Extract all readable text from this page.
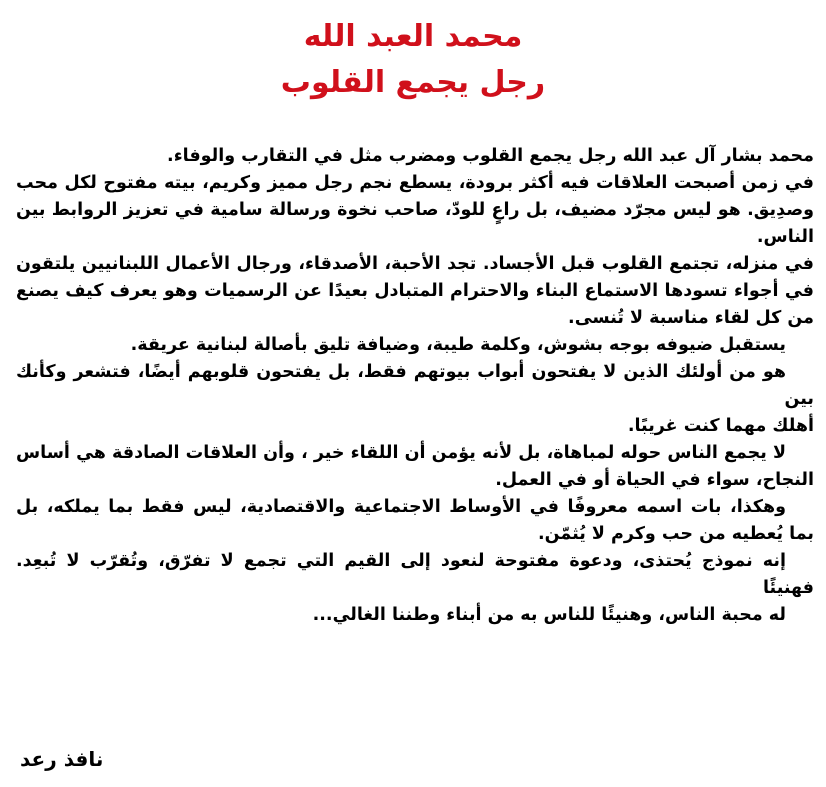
محمد العبد الله
رجل يجمع القلوب

محمد بشار آل عبد الله رجل يجمع القلوب ومضرب مثل في التقارب والوفاء.

في زمن أصبحت العلاقات فيه أكثر برودة، يسطع نجم رجل مميز وكريم، بيته مفتوح لكل محب وصدِيق. هو ليس مجرّد مضيف، بل راعٍ للودّ، صاحب نخوة ورسالة سامية في تعزيز الروابط بين الناس.

في منزله، تجتمع القلوب قبل الأجساد. تجد الأحبة، الأصدقاء، ورجال الأعمال اللبنانيين يلتقون في أجواء تسودها الاستماع البناء والاحترام المتبادل بعيدًا عن الرسميات وهو يعرف كيف يصنع من كل لقاء مناسبة لا تُنسى.

يستقبل ضيوفه بوجه بشوش، وكلمة طيبة، وضيافة تليق بأصالة لبنانية عريقة.

هو من أولئك الذين لا يفتحون أبواب بيوتهم فقط، بل يفتحون قلوبهم أيضًا، فتشعر وكأنك بين

أهلك مهما كنت غريبًا.

لا يجمع الناس حوله لمباهاة، بل لأنه يؤمن أن اللقاء خير ، وأن العلاقات الصادقة هي أساس النجاح، سواء في الحياة أو في العمل.

وهكذا، بات اسمه معروفًا في الأوساط الاجتماعية والاقتصادية، ليس فقط بما يملكه، بل بما يُعطيه من حب وكرم لا يُثمّن.

إنه نموذج يُحتذى، ودعوة مفتوحة لنعود إلى القيم التي تجمع لا تفرّق، وتُقرّب لا تُبعِد. فهنيئًا

له محبة الناس، وهنيئًا للناس به من أبناء وطننا الغالي...

نافذ رعد
